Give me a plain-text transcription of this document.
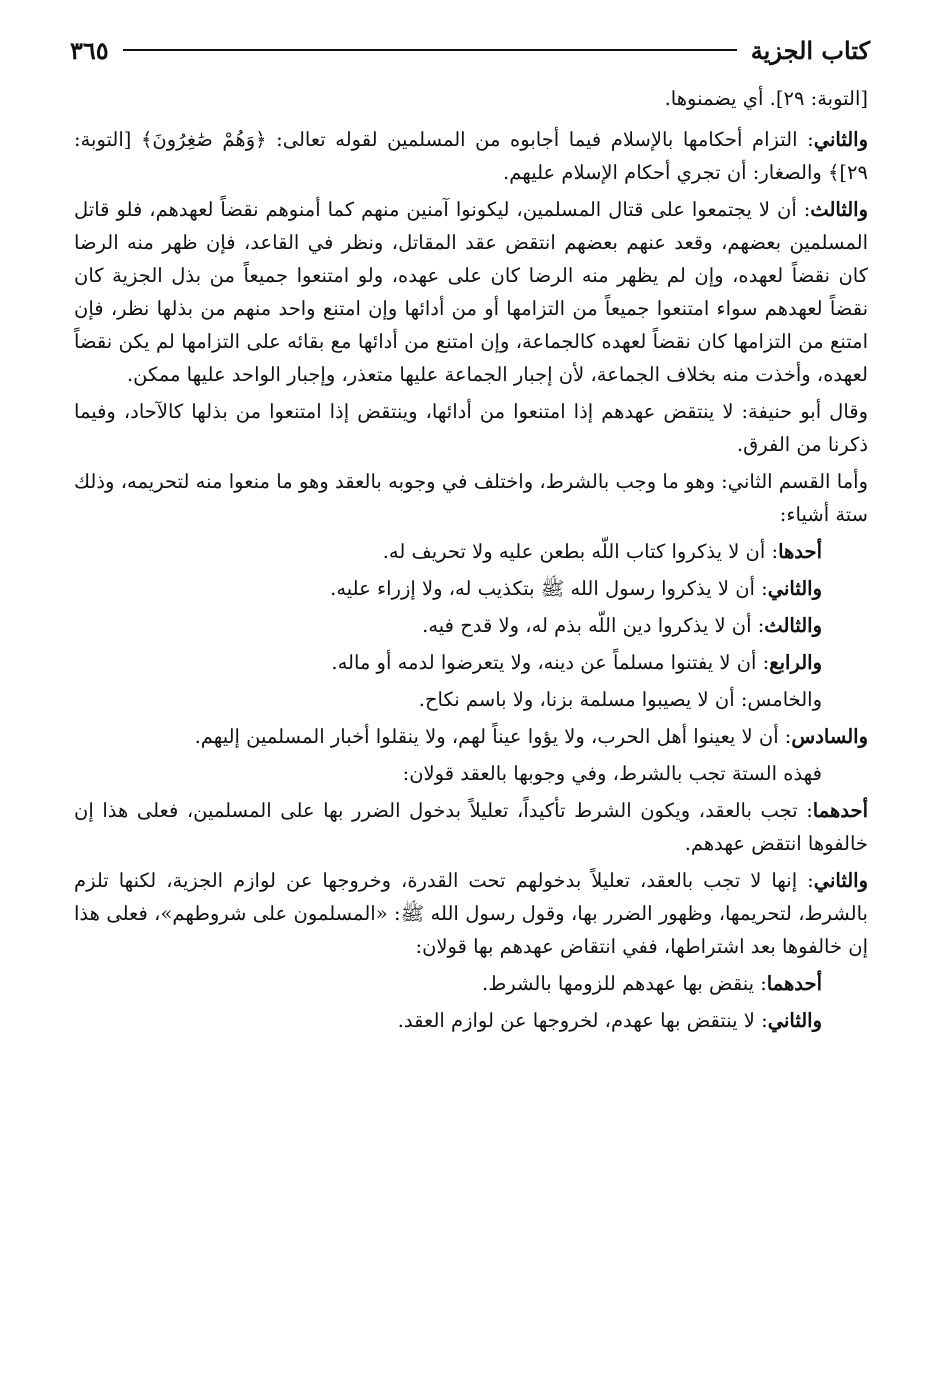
كتاب الجزية
٣٦٥

[التوبة: ٢٩]. أي يضمنوها.

والثاني: التزام أحكامها بالإسلام فيما أجابوه من المسلمين لقوله تعالى: ﴿وَهُمْ صَٰغِرُونَ﴾ [التوبة: ٢٩]﴾ والصغار: أن تجري أحكام الإسلام عليهم.

والثالث: أن لا يجتمعوا على قتال المسلمين، ليكونوا آمنين منهم كما أمنوهم نقضاً لعهدهم، فلو قاتل المسلمين بعضهم، وقعد عنهم بعضهم انتقض عقد المقاتل، ونظر في القاعد، فإن ظهر منه الرضا كان نقضاً لعهده، وإن لم يظهر منه الرضا كان على عهده، ولو امتنعوا جميعاً من بذل الجزية كان نقضاً لعهدهم سواء امتنعوا جميعاً من التزامها أو من أدائها وإن امتنع واحد منهم من بذلها نظر، فإن امتنع من التزامها كان نقضاً لعهده كالجماعة، وإن امتنع من أدائها مع بقائه على التزامها لم يكن نقضاً لعهده، وأخذت منه بخلاف الجماعة، لأن إجبار الجماعة عليها متعذر، وإجبار الواحد عليها ممكن.

وقال أبو حنيفة: لا ينتقض عهدهم إذا امتنعوا من أدائها، وينتقض إذا امتنعوا من بذلها كالآحاد، وفيما ذكرنا من الفرق.

وأما القسم الثاني: وهو ما وجب بالشرط، واختلف في وجوبه بالعقد وهو ما منعوا منه لتحريمه، وذلك ستة أشياء:

أحدها: أن لا يذكروا كتاب اللّه بطعن عليه ولا تحريف له.

والثاني: أن لا يذكروا رسول الله ﷺ بتكذيب له، ولا إزراء عليه.

والثالث: أن لا يذكروا دين اللّه بذم له، ولا قدح فيه.

والرابع: أن لا يفتنوا مسلماً عن دينه، ولا يتعرضوا لدمه أو ماله.

والخامس: أن لا يصيبوا مسلمة بزنا، ولا باسم نكاح.

والسادس: أن لا يعينوا أهل الحرب، ولا يؤوا عيناً لهم، ولا ينقلوا أخبار المسلمين إليهم.

فهذه الستة تجب بالشرط، وفي وجوبها بالعقد قولان:

أحدهما: تجب بالعقد، ويكون الشرط تأكيداً، تعليلاً بدخول الضرر بها على المسلمين، فعلى هذا إن خالفوها انتقض عهدهم.

والثاني: إنها لا تجب بالعقد، تعليلاً بدخولهم تحت القدرة، وخروجها عن لوازم الجزية، لكنها تلزم بالشرط، لتحريمها، وظهور الضرر بها، وقول رسول الله ﷺ: «المسلمون على شروطهم»، فعلى هذا إن خالفوها بعد اشتراطها، ففي انتقاض عهدهم بها قولان:

أحدهما: ينقض بها عهدهم للزومها بالشرط.

والثاني: لا ينتقض بها عهدم، لخروجها عن لوازم العقد.
